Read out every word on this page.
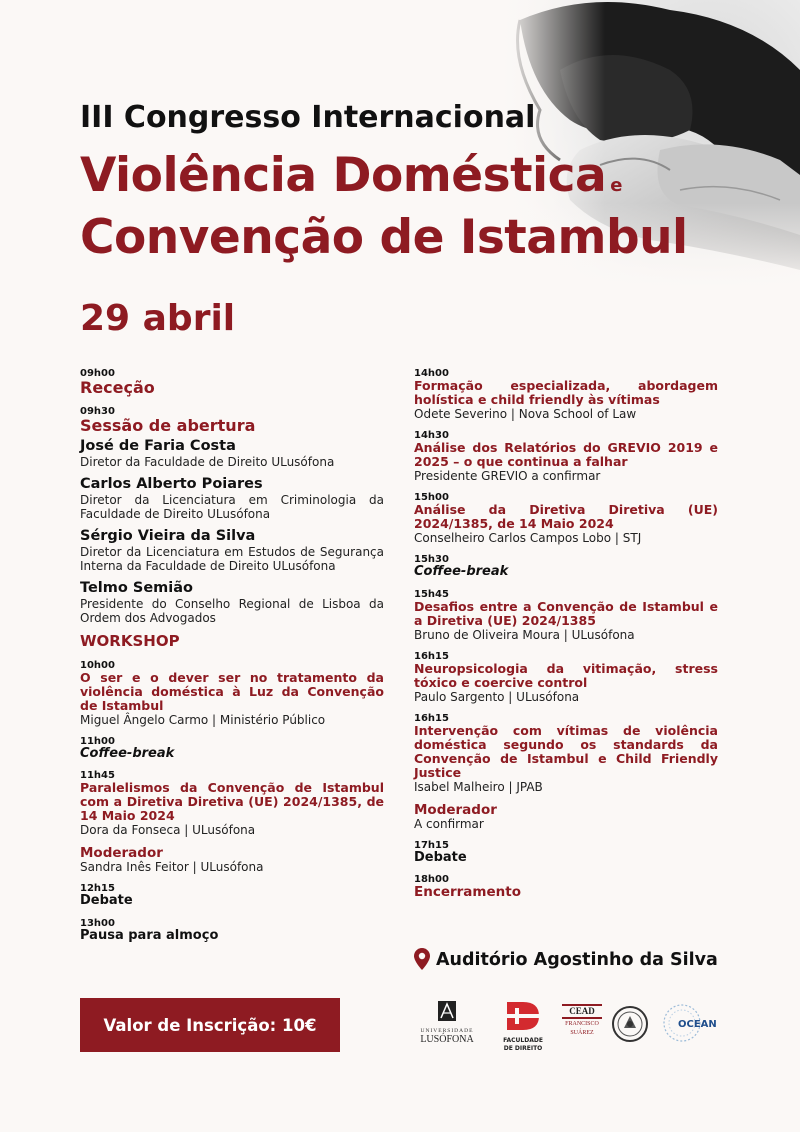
III Congresso Internacional
Violência Doméstica e
Convenção de Istambul
29 abril
09h00
Receção
09h30
Sessão de abertura
José de Faria Costa
Diretor da Faculdade de Direito ULusófona
Carlos Alberto Poiares
Diretor da Licenciatura em Criminologia da Faculdade de Direito ULusófona
Sérgio Vieira da Silva
Diretor da Licenciatura em Estudos de Segurança Interna da Faculdade de Direito ULusófona
Telmo Semião
Presidente do Conselho Regional de Lisboa da Ordem dos Advogados
WORKSHOP
10h00
O ser e o dever ser no tratamento da violência doméstica à Luz da Convenção de Istambul
Miguel Ângelo Carmo | Ministério Público
11h00
Coffee-break
11h45
Paralelismos da Convenção de Istambul com a Diretiva Diretiva (UE) 2024/1385, de 14 Maio 2024
Dora da Fonseca | ULusófona
Moderador
Sandra Inês Feitor | ULusófona
12h15
Debate
13h00
Pausa para almoço
14h00
Formação especializada, abordagem holística e child friendly às vítimas
Odete Severino | Nova School of Law
14h30
Análise dos Relatórios do GREVIO 2019 e 2025 – o que continua a falhar
Presidente GREVIO a confirmar
15h00
Análise da Diretiva Diretiva (UE) 2024/1385, de 14 Maio 2024
Conselheiro Carlos Campos Lobo | STJ
15h30
Coffee-break
15h45
Desafios entre a Convenção de Istambul e a Diretiva (UE) 2024/1385
Bruno de Oliveira Moura | ULusófona
16h15
Neuropsicologia da vitimação, stress tóxico e coercive control
Paulo Sargento | ULusófona
16h15
Intervenção com vítimas de violência doméstica segundo os standards da Convenção de Istambul e Child Friendly Justice
Isabel Malheiro | JPAB
Moderador
A confirmar
17h15
Debate
18h00
Encerramento
Auditório Agostinho da Silva
Valor de Inscrição: 10€	UNIVERSIDADE
LUSÓFONA	FACULDADE
DE DIREITO
CEAD
FRANCISCO
SUÁREZ
OCEAN
